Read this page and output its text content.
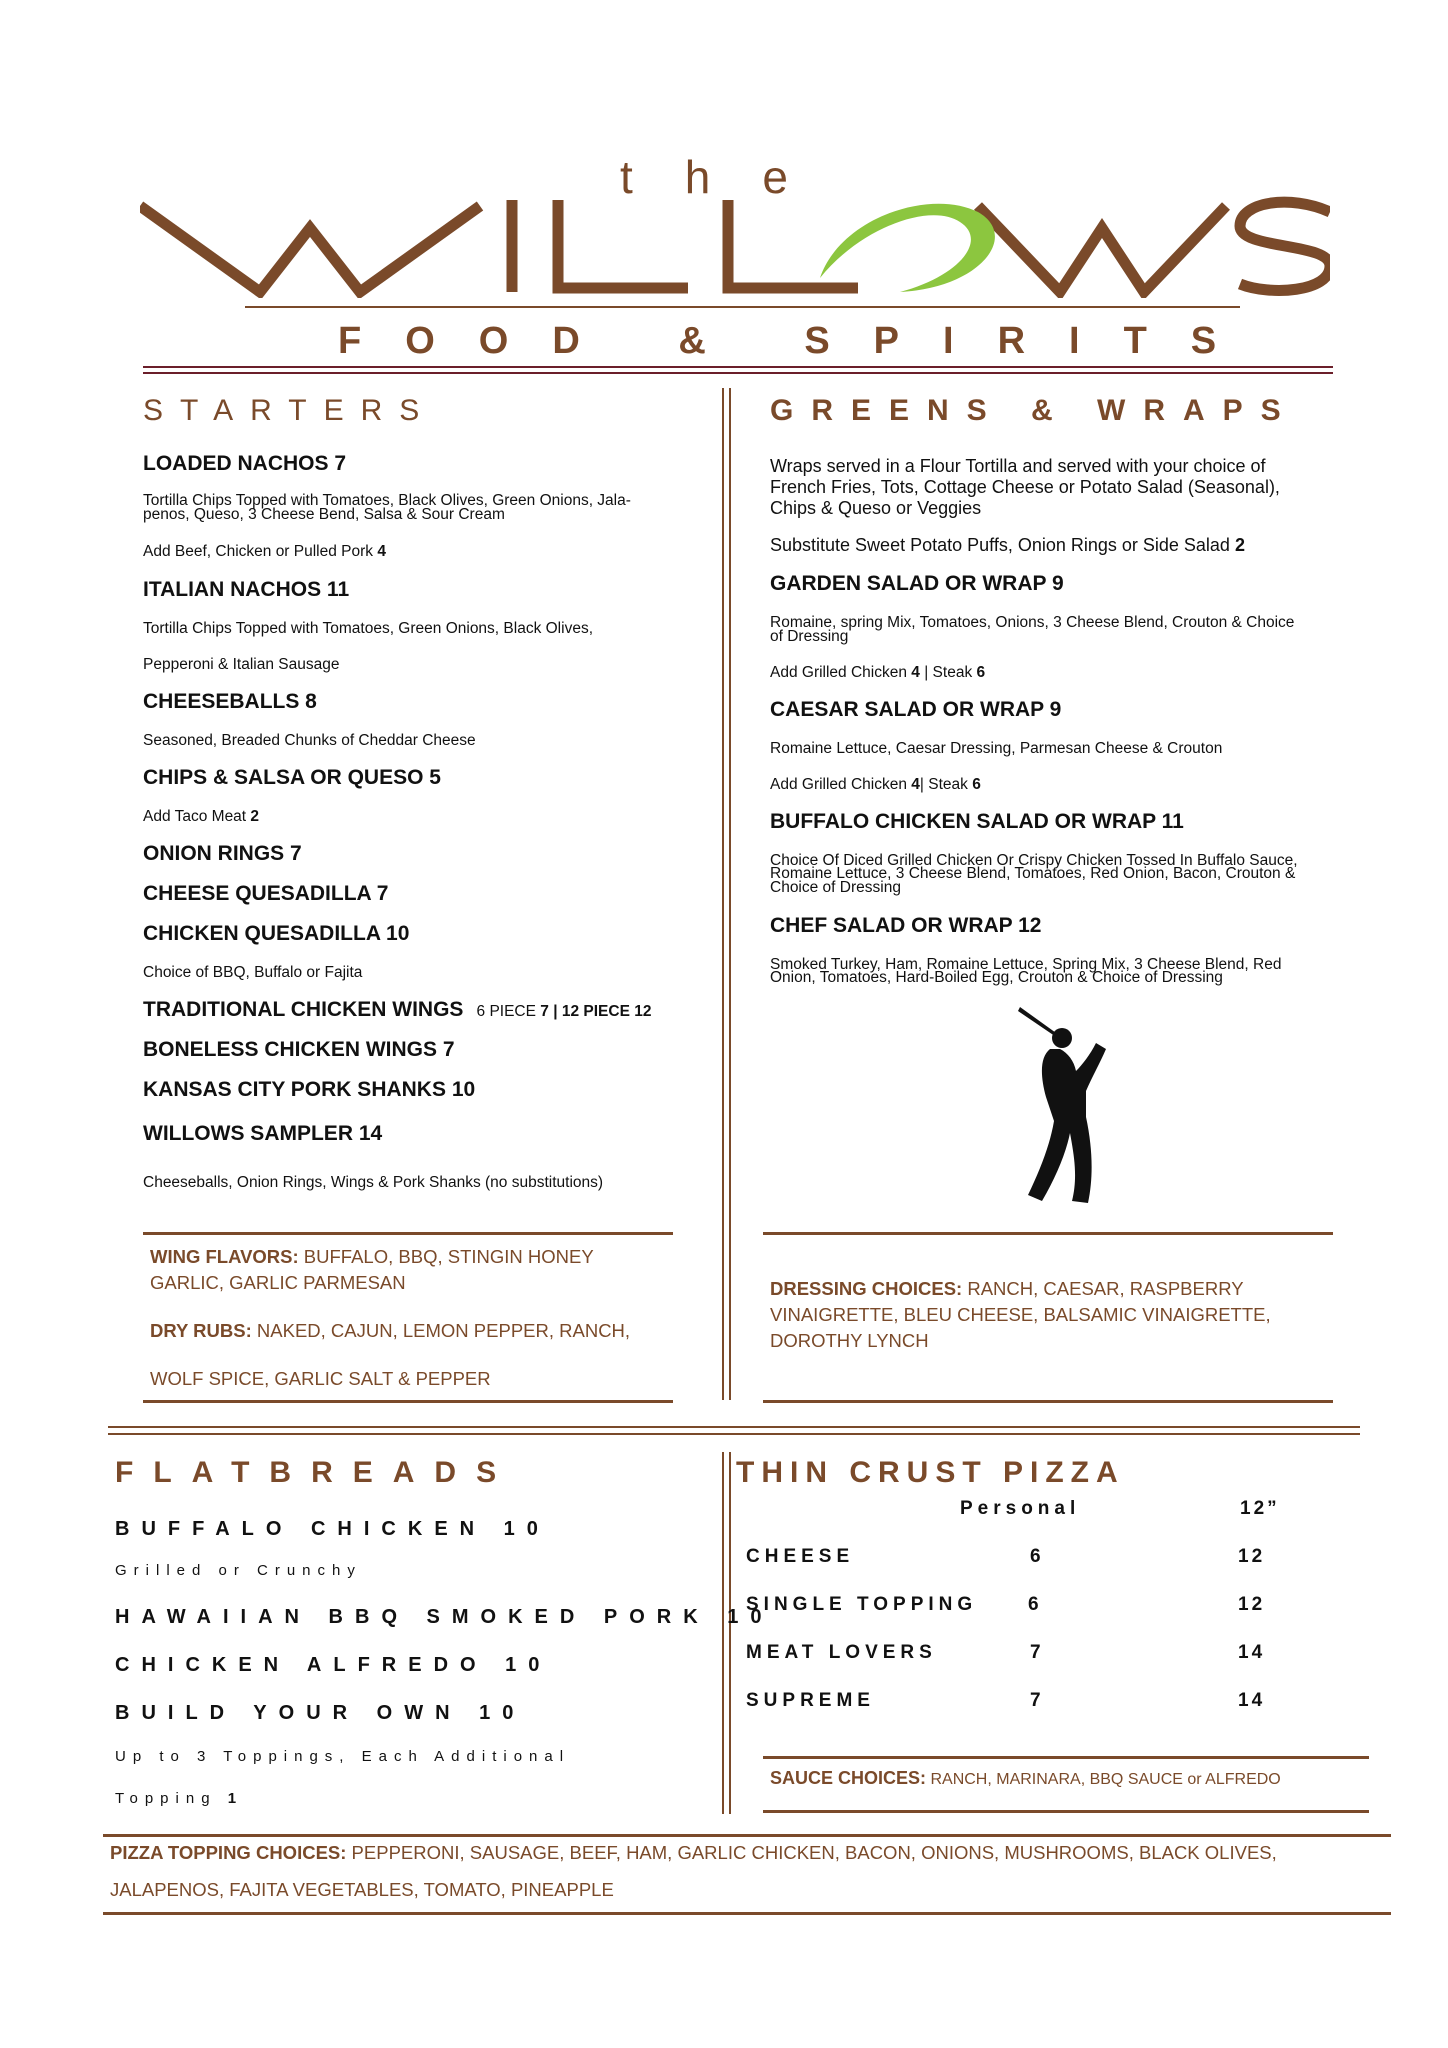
the
FOOD & SPIRITS
STARTERS
LOADED NACHOS 7
Tortilla Chips Topped with Tomatoes, Black Olives, Green Onions, Jala-
penos, Queso, 3 Cheese Bend, Salsa & Sour Cream
Add Beef, Chicken or Pulled Pork 4
ITALIAN NACHOS 11
Tortilla Chips Topped with Tomatoes, Green Onions, Black Olives,
Pepperoni & Italian Sausage
CHEESEBALLS 8
Seasoned, Breaded Chunks of Cheddar Cheese
CHIPS & SALSA OR QUESO 5
Add Taco Meat 2
ONION RINGS 7
CHEESE QUESADILLA 7
CHICKEN QUESADILLA 10
Choice of BBQ, Buffalo or Fajita
TRADITIONAL CHICKEN WINGS 6 PIECE 7 | 12 PIECE 12
BONELESS CHICKEN WINGS 7
KANSAS CITY PORK SHANKS 10
WILLOWS SAMPLER 14
Cheeseballs, Onion Rings, Wings & Pork Shanks (no substitutions)
WING FLAVORS: BUFFALO, BBQ, STINGIN HONEY
GARLIC, GARLIC PARMESAN
DRY RUBS: NAKED, CAJUN, LEMON PEPPER, RANCH,
WOLF SPICE, GARLIC SALT & PEPPER
GREENS & WRAPS
Wraps served in a Flour Tortilla and served with your choice of
French Fries, Tots, Cottage Cheese or Potato Salad (Seasonal),
Chips & Queso or Veggies
Substitute Sweet Potato Puffs, Onion Rings or Side Salad 2
GARDEN SALAD OR WRAP 9
Romaine, spring Mix, Tomatoes, Onions, 3 Cheese Blend, Crouton & Choice
of Dressing
Add Grilled Chicken 4 | Steak 6
CAESAR SALAD OR WRAP 9
Romaine Lettuce, Caesar Dressing, Parmesan Cheese & Crouton
Add Grilled Chicken 4| Steak 6
BUFFALO CHICKEN SALAD OR WRAP 11
Choice Of Diced Grilled Chicken Or Crispy Chicken Tossed In Buffalo Sauce,
Romaine Lettuce, 3 Cheese Blend, Tomatoes, Red Onion, Bacon, Crouton &
Choice of Dressing
CHEF SALAD OR WRAP 12
Smoked Turkey, Ham, Romaine Lettuce, Spring Mix, 3 Cheese Blend, Red
Onion, Tomatoes, Hard-Boiled Egg, Crouton & Choice of Dressing
DRESSING CHOICES: RANCH, CAESAR, RASPBERRY
VINAIGRETTE, BLEU CHEESE, BALSAMIC VINAIGRETTE,
DOROTHY LYNCH
FLATBREADS
BUFFALO CHICKEN 10
Grilled or Crunchy
HAWAIIAN BBQ SMOKED PORK 10
CHICKEN ALFREDO 10
BUILD YOUR OWN 10
Up to 3 Toppings, Each Additional
Topping 1
THIN CRUST PIZZA
Personal	12”
CHEESE	6	12
SINGLE TOPPING	6	12
MEAT LOVERS	7	14
SUPREME	7	14
SAUCE CHOICES: RANCH, MARINARA, BBQ SAUCE or ALFREDO
PIZZA TOPPING CHOICES: PEPPERONI, SAUSAGE, BEEF, HAM, GARLIC CHICKEN, BACON, ONIONS, MUSHROOMS, BLACK OLIVES,
JALAPENOS, FAJITA VEGETABLES, TOMATO, PINEAPPLE
